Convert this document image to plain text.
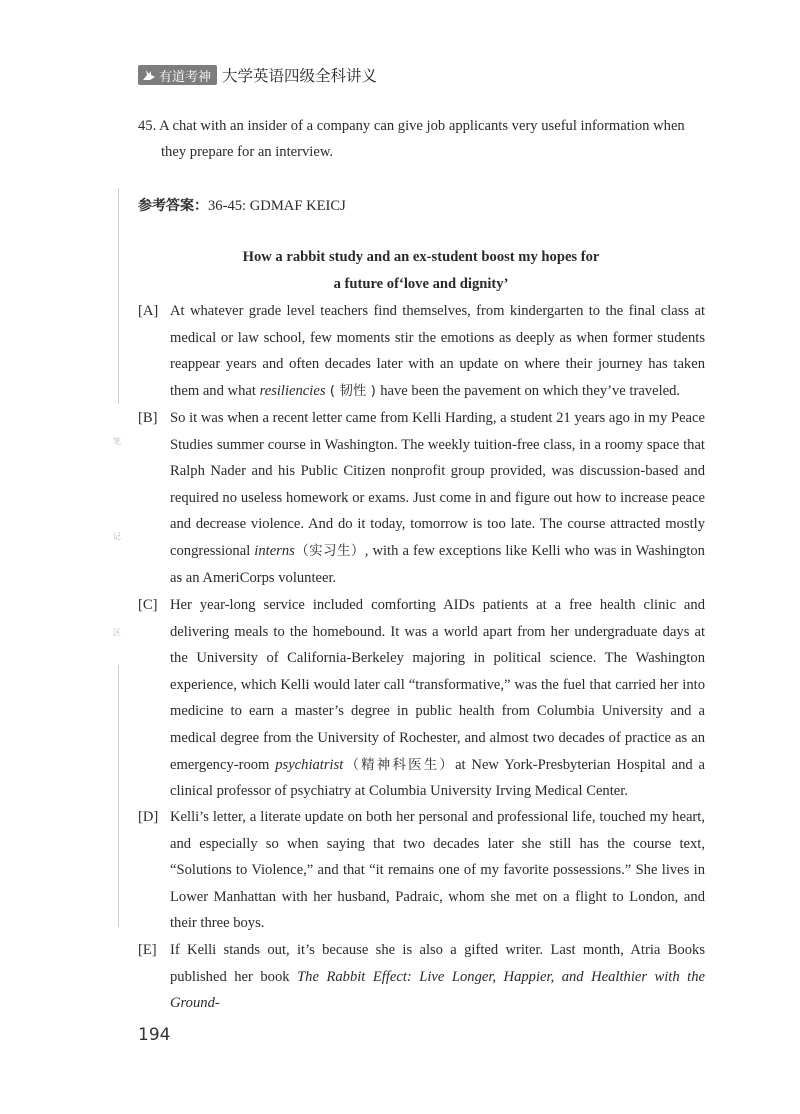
有道考神 大学英语四级全科讲义
笔
记
区
45. A chat with an insider of a company can give job applicants very useful information when
they prepare for an interview.
参考答案：36-45: GDMAF KEICJ
How a rabbit study and an ex-student boost my hopes for
a future of‘love and dignity’
[A] At whatever grade level teachers find themselves, from kindergarten to the final class at medical or law school, few moments stir the emotions as deeply as when former students reappear years and often decades later with an update on where their journey has taken them and what resiliencies ( 韧性 ) have been the pavement on which they’ve traveled.
[B] So it was when a recent letter came from Kelli Harding, a student 21 years ago in my Peace Studies summer course in Washington. The weekly tuition-free class, in a roomy space that Ralph Nader and his Public Citizen nonprofit group provided, was discussion-based and required no useless homework or exams. Just come in and figure out how to increase peace and decrease violence. And do it today, tomorrow is too late. The course attracted mostly congressional interns（实习生）, with a few exceptions like Kelli who was in Washington as an AmeriCorps volunteer.
[C] Her year-long service included comforting AIDs patients at a free health clinic and delivering meals to the homebound. It was a world apart from her undergraduate days at the University of California-Berkeley majoring in political science. The Washington experience, which Kelli would later call “transformative,” was the fuel that carried her into medicine to earn a master’s degree in public health from Columbia University and a medical degree from the University of Rochester, and almost two decades of practice as an emergency-room psychiatrist（精神科医生）at New York-Presbyterian Hospital and a clinical professor of psychiatry at Columbia University Irving Medical Center.
[D] Kelli’s letter, a literate update on both her personal and professional life, touched my heart, and especially so when saying that two decades later she still has the course text, “Solutions to Violence,” and that “it remains one of my favorite possessions.” She lives in Lower Manhattan with her husband, Padraic, whom she met on a flight to London, and their three boys.
[E] If Kelli stands out, it’s because she is also a gifted writer. Last month, Atria Books published her book The Rabbit Effect: Live Longer, Happier, and Healthier with the Ground-
194
